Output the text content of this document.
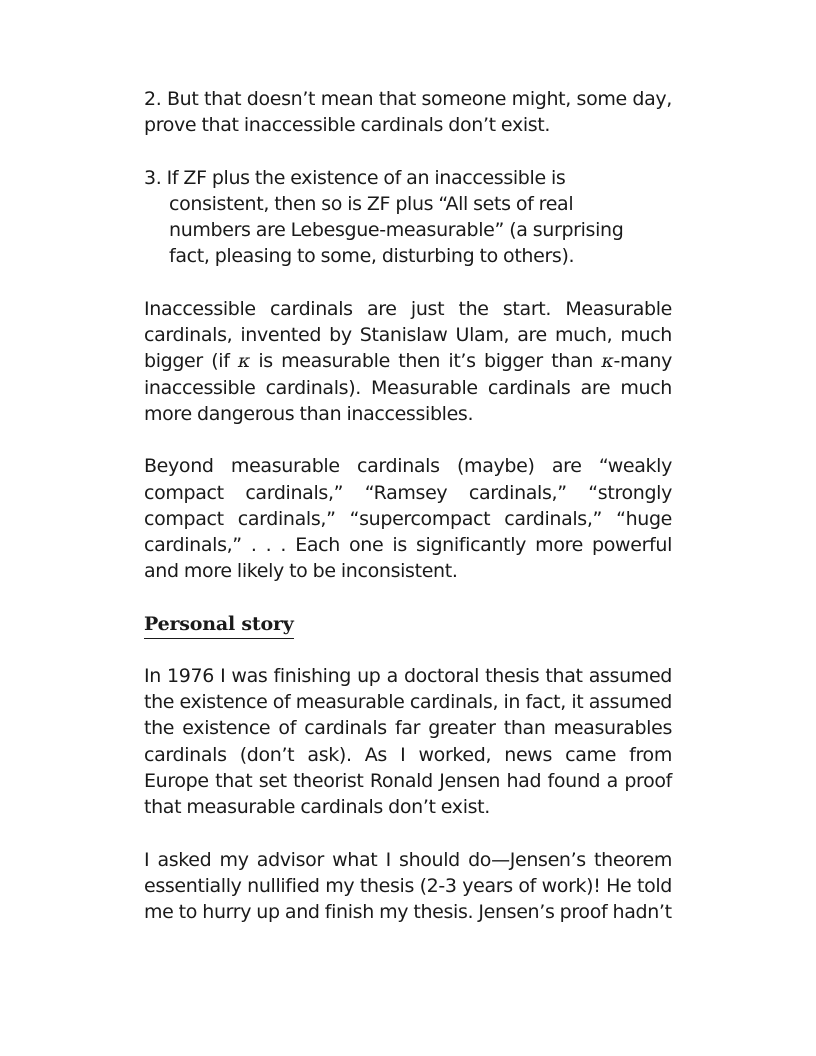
2. But that doesn’t mean that someone might, some day, prove that inaccessible cardinals don’t exist.

3. If ZF plus the existence of an inaccessible is consistent, then so is ZF plus “All sets of real numbers are Lebesgue-measurable” (a surprising fact, pleasing to some, disturbing to others).

Inaccessible cardinals are just the start. Measurable cardinals, invented by Stanislaw Ulam, are much, much bigger (if κ is measurable then it’s bigger than κ-many inaccessible cardinals). Measurable cardinals are much more dangerous than inaccessibles.

Beyond measurable cardinals (maybe) are “weakly compact cardinals,” “Ramsey cardinals,” “strongly compact cardinals,” “supercompact cardinals,” “huge cardinals,” . . . Each one is significantly more powerful and more likely to be inconsistent.

Personal story

In 1976 I was finishing up a doctoral thesis that assumed the existence of measurable cardinals, in fact, it assumed the existence of cardinals far greater than measurables cardinals (don’t ask). As I worked, news came from Europe that set theorist Ronald Jensen had found a proof that measurable cardinals don’t exist.

I asked my advisor what I should do—Jensen’s theorem essentially nullified my thesis (2-3 years of work)! He told me to hurry up and finish my thesis. Jensen’s proof hadn’t
